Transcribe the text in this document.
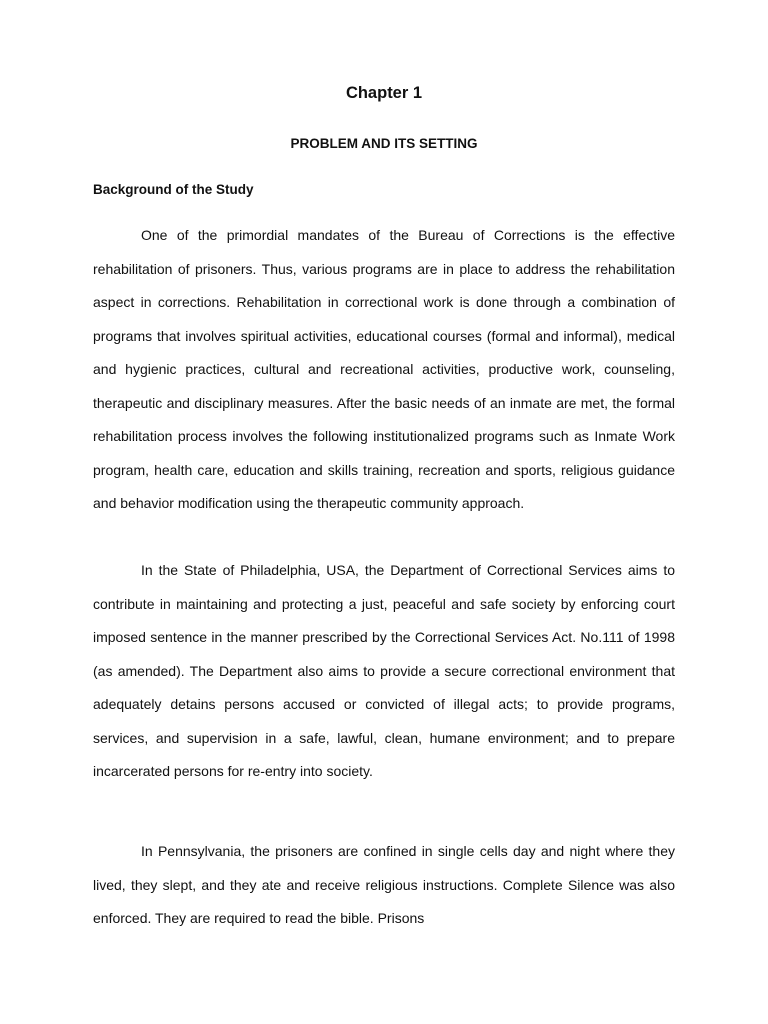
Chapter 1
PROBLEM AND ITS SETTING
Background of the Study

One of the primordial mandates of the Bureau of Corrections is the effective rehabilitation of prisoners. Thus, various programs are in place to address the rehabilitation aspect in corrections. Rehabilitation in correctional work is done through a combination of programs that involves spiritual activities, educational courses (formal and informal), medical and hygienic practices, cultural and recreational activities, productive work, counseling, therapeutic and disciplinary measures. After the basic needs of an inmate are met, the formal rehabilitation process involves the following institutionalized programs such as Inmate Work program, health care, education and skills training, recreation and sports, religious guidance and behavior modification using the therapeutic community approach.

In the State of Philadelphia, USA, the Department of Correctional Services aims to contribute in maintaining and protecting a just, peaceful and safe society by enforcing court imposed sentence in the manner prescribed by the Correctional Services Act. No.111 of 1998 (as amended). The Department also aims to provide a secure correctional environment that adequately detains persons accused or convicted of illegal acts; to provide programs, services, and supervision in a safe, lawful, clean, humane environment; and to prepare incarcerated persons for re-entry into society.

In Pennsylvania, the prisoners are confined in single cells day and night where they lived, they slept, and they ate and receive religious instructions. Complete Silence was also enforced. They are required to read the bible. Prisons
